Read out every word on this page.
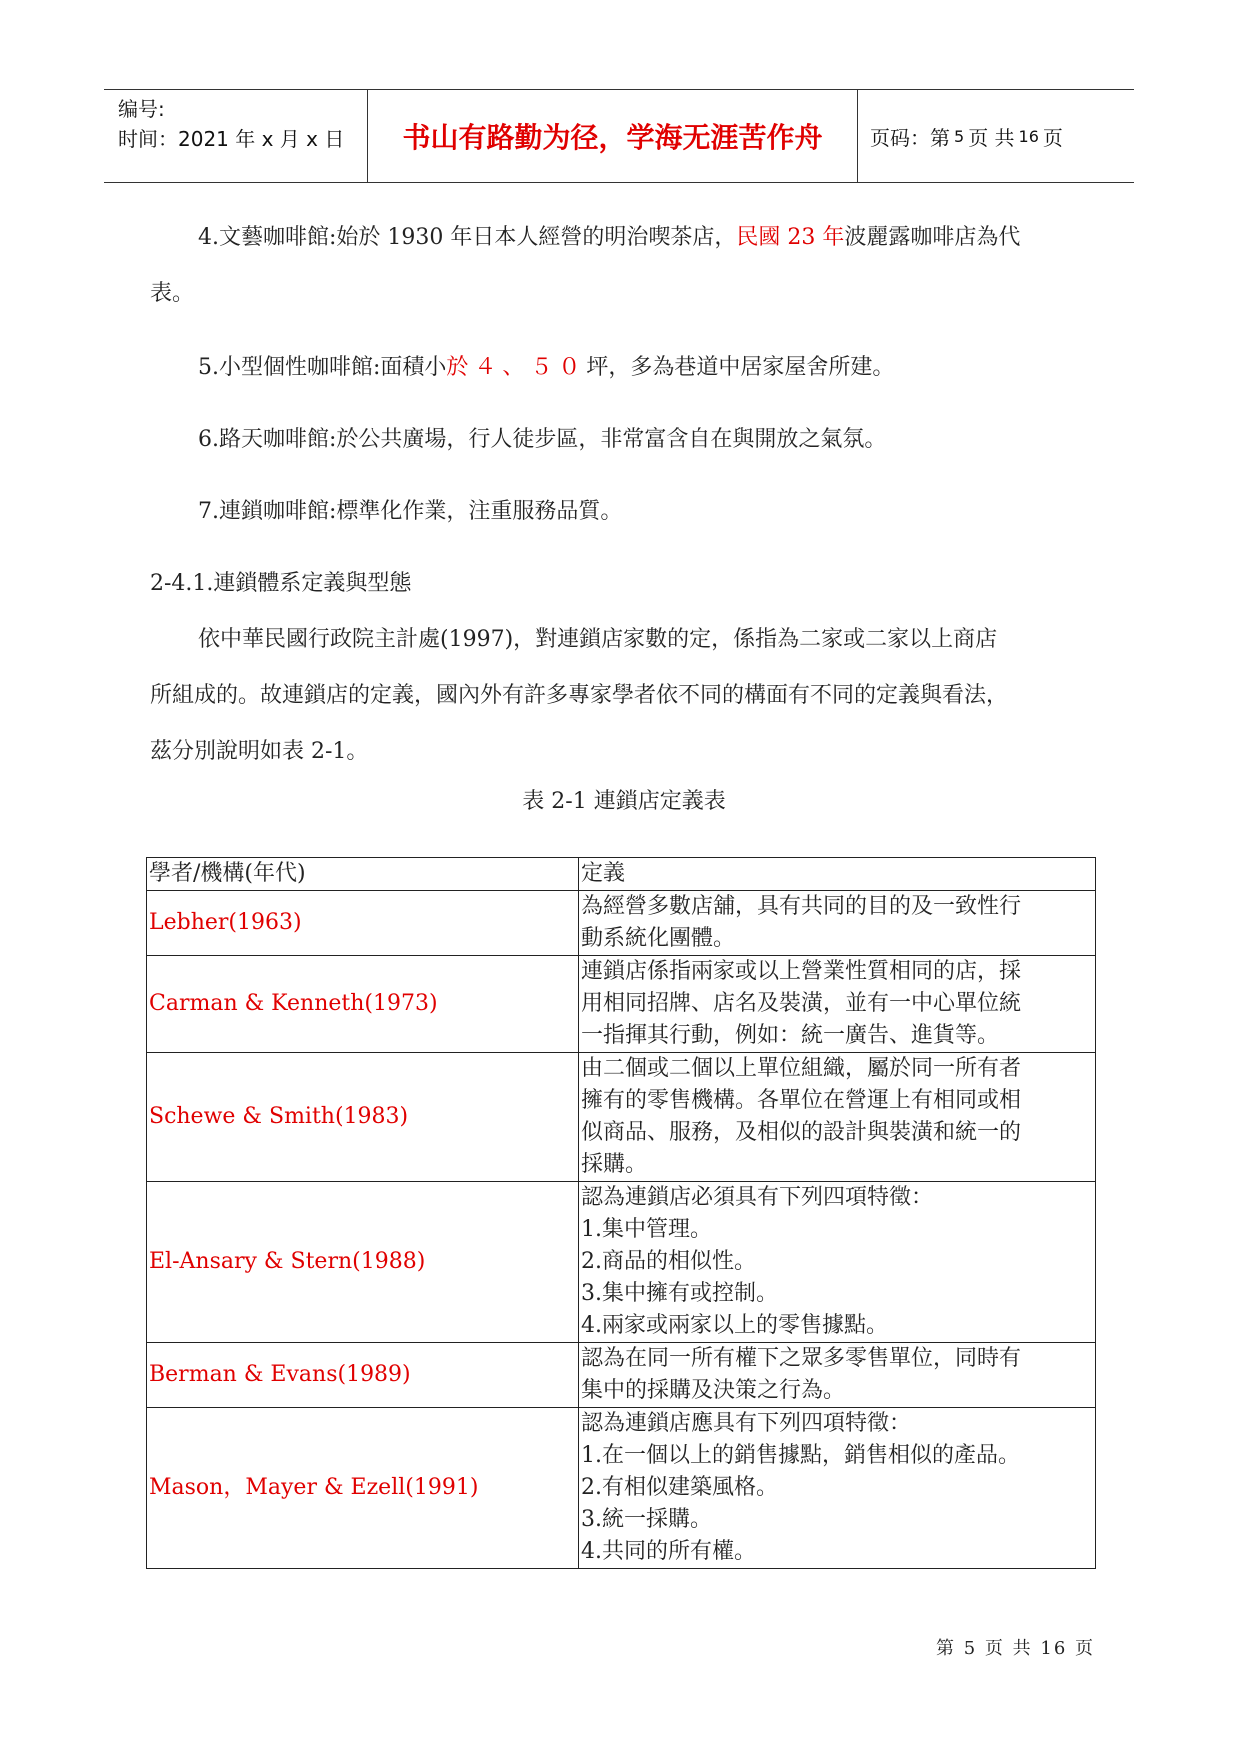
编号:
时间：2021 年 x 月 x 日	书山有路勤为径，学海无涯苦作舟	页码：第 5 页 共 16 页
4.文藝咖啡館:始於 1930 年日本人經營的明治喫茶店，民國 23 年波麗露咖啡店為代
表。
5.小型個性咖啡館:面積小於４、５０坪，多為巷道中居家屋舍所建。
6.路天咖啡館:於公共廣場，行人徒步區，非常富含自在與開放之氣氛。
7.連鎖咖啡館:標準化作業，注重服務品質。
2-4.1.連鎖體系定義與型態
依中華民國行政院主計處(1997)，對連鎖店家數的定，係指為二家或二家以上商店
所組成的。故連鎖店的定義，國內外有許多專家學者依不同的構面有不同的定義與看法，
茲分別說明如表 2-1。
表 2-1 連鎖店定義表
學者/機構(年代)	定義
Lebher(1963)	為經營多數店舖，具有共同的目的及一致性行
動系統化團體。

Carman & Kenneth(1973)	連鎖店係指兩家或以上營業性質相同的店，採
用相同招牌、店名及裝潢，並有一中心單位統
一指揮其行動，例如：統一廣告、進貨等。

Schewe & Smith(1983)	由二個或二個以上單位組織，屬於同一所有者
擁有的零售機構。各單位在營運上有相同或相
似商品、服務，及相似的設計與裝潢和統一的
採購。

El-Ansary & Stern(1988)	認為連鎖店必須具有下列四項特徵：
1.集中管理。
2.商品的相似性。
3.集中擁有或控制。
4.兩家或兩家以上的零售據點。

Berman & Evans(1989)	認為在同一所有權下之眾多零售單位，同時有
集中的採購及決策之行為。

Mason，Mayer & Ezell(1991)	認為連鎖店應具有下列四項特徵：
1.在一個以上的銷售據點，銷售相似的產品。
2.有相似建築風格。
3.統一採購。
4.共同的所有權。
第 5 页 共 16 页
